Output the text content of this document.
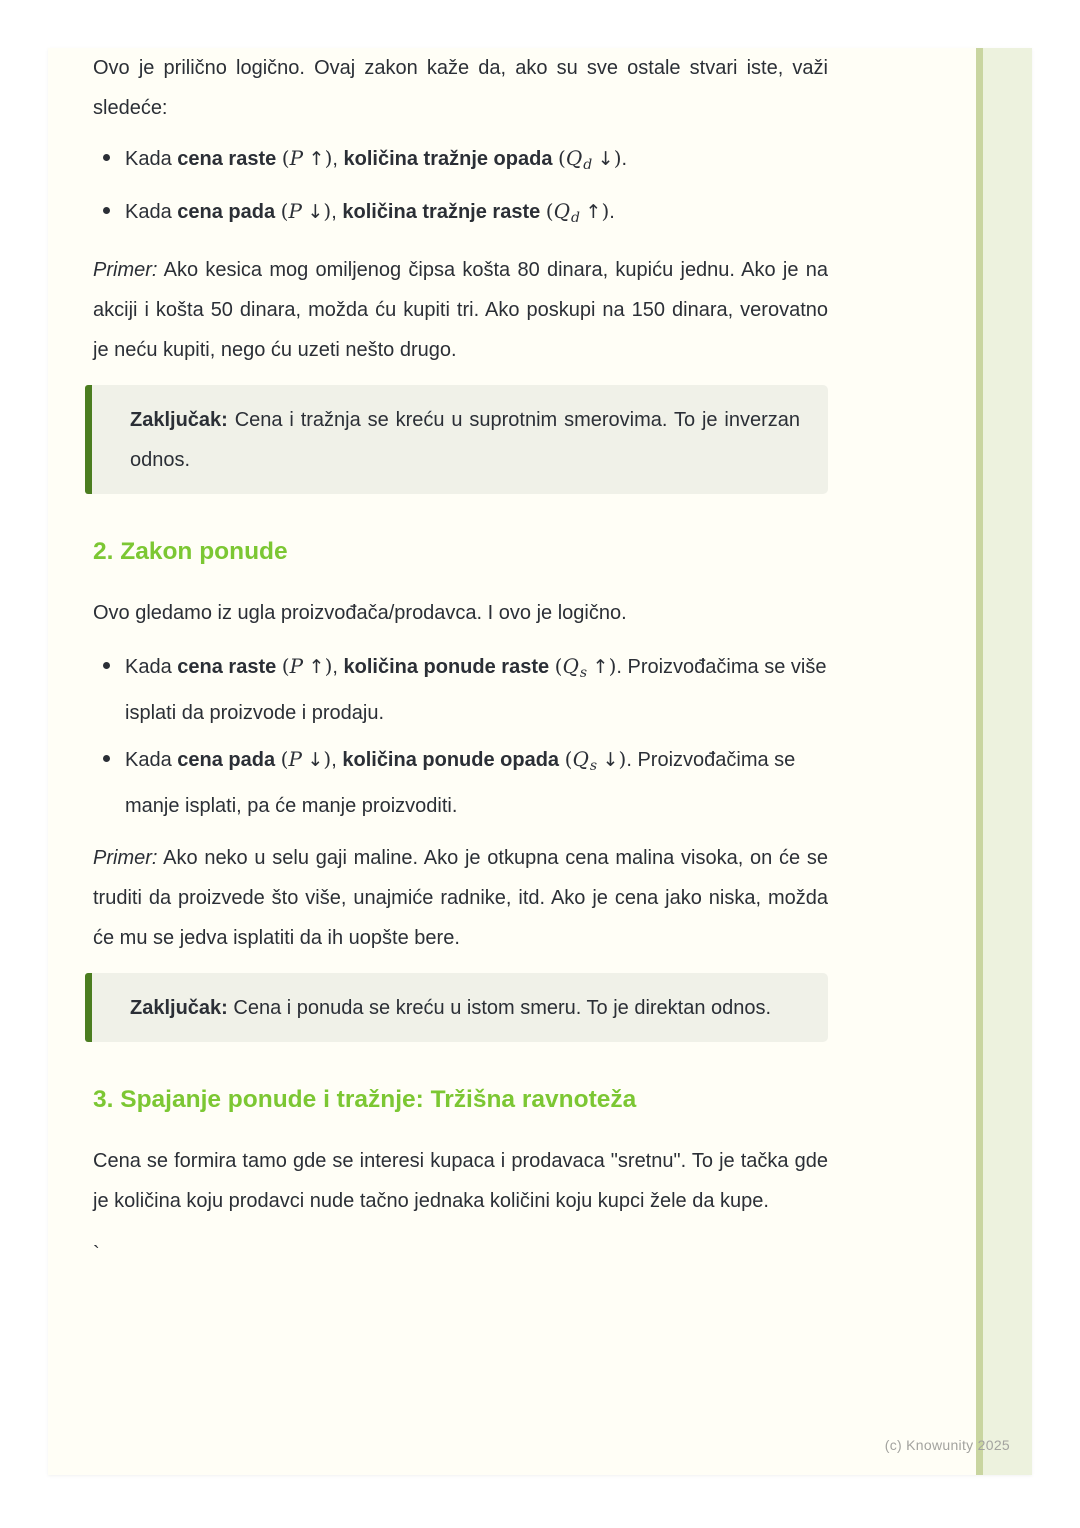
Ovo je prilično logično. Ovaj zakon kaže da, ako su sve ostale stvari iste, važi sledeće:

Kada cena raste (P ↑), količina tražnje opada ($Q_d$ ↓).
Kada cena pada (P ↓), količina tražnje raste ($Q_d$ ↑).

Primer: Ako kesica mog omiljenog čipsa košta 80 dinara, kupiću jednu. Ako je na akciji i košta 50 dinara, možda ću kupiti tri. Ako poskupi na 150 dinara, verovatno je neću kupiti, nego ću uzeti nešto drugo.

Zaključak: Cena i tražnja se kreću u suprotnim smerovima. To je inverzan odnos.

2. Zakon ponude

Ovo gledamo iz ugla proizvođača/prodavca. I ovo je logično.

Kada cena raste (P ↑), količina ponude raste ($Q_s$ ↑). Proizvođačima se više isplati da proizvode i prodaju.
Kada cena pada (P ↓), količina ponude opada ($Q_s$ ↓). Proizvođačima se manje isplati, pa će manje proizvoditi.

Primer: Ako neko u selu gaji maline. Ako je otkupna cena malina visoka, on će se truditi da proizvede što više, unajmiće radnike, itd. Ako je cena jako niska, možda će mu se jedva isplatiti da ih uopšte bere.

Zaključak: Cena i ponuda se kreću u istom smeru. To je direktan odnos.

3. Spajanje ponude i tražnje: Tržišna ravnoteža

Cena se formira tamo gde se interesi kupaca i prodavaca "sretnu". To je tačka gde je količina koju prodavci nude tačno jednaka količini koju kupci žele da kupe.

`

(c) Knowunity 2025
